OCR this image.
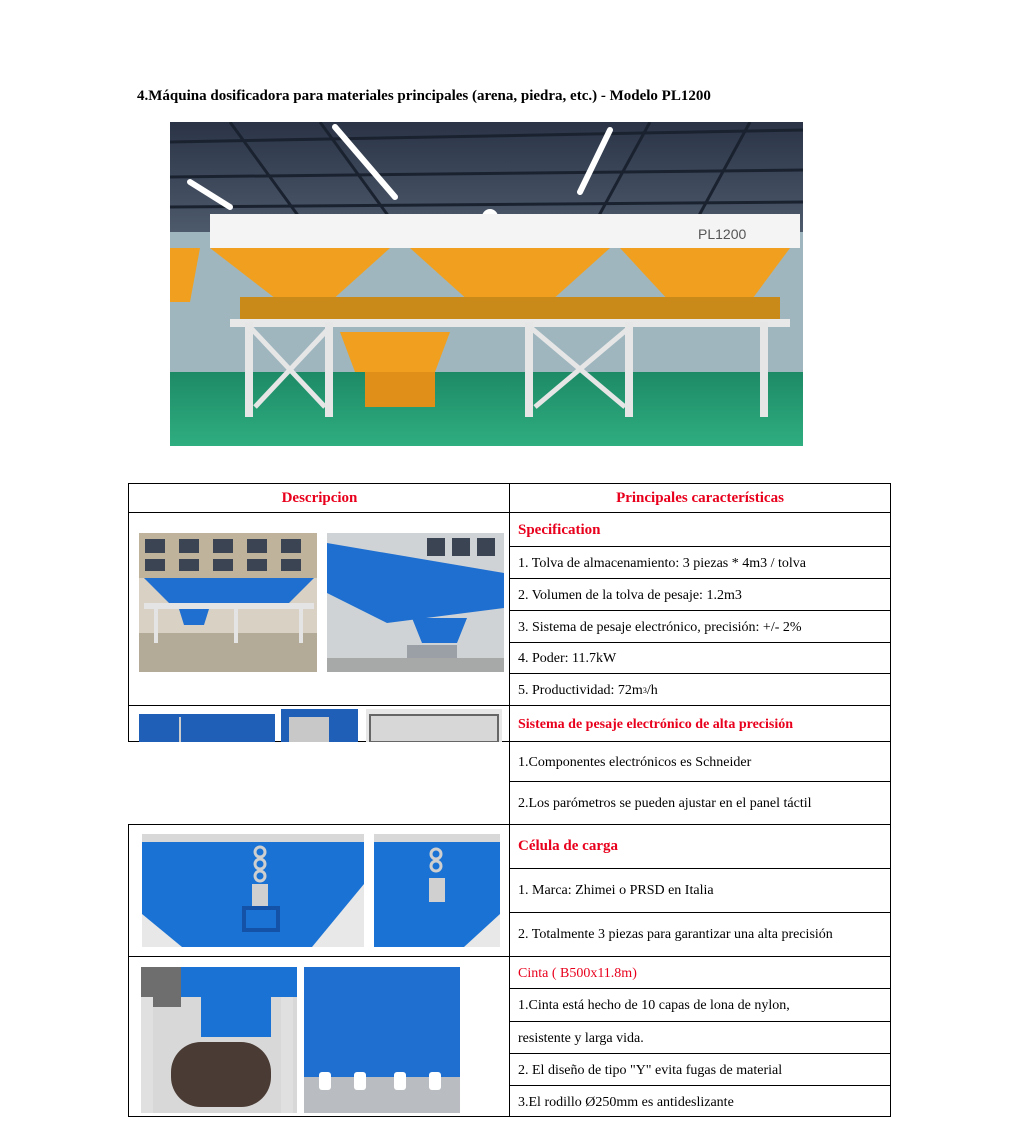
4.Máquina dosificadora para materiales principales (arena, piedra, etc.) - Modelo PL1200
PL1200
Descripcion	Principales características
Specification
1. Tolva de almacenamiento: 3 piezas * 4m3 / tolva
2. Volumen de la tolva de pesaje: 1.2m3
3. Sistema de pesaje electrónico, precisión: +/- 2%
4. Poder: 11.7kW
5. Productividad: 72m 3 /h
Sistema de pesaje electrónico de alta precisión
1.Componentes electrónicos es Schneider
2.Los parómetros se pueden ajustar en el panel táctil
Célula de carga
1. Marca: Zhimei o PRSD en Italia
2. Totalmente 3 piezas para garantizar una alta precisión
Cinta ( B500x11.8m)
1.Cinta está hecho de 10 capas de lona de nylon,
resistente y larga vida.
2. El diseño de tipo "Y" evita fugas de material
3.El rodillo Ø250mm es antideslizante
